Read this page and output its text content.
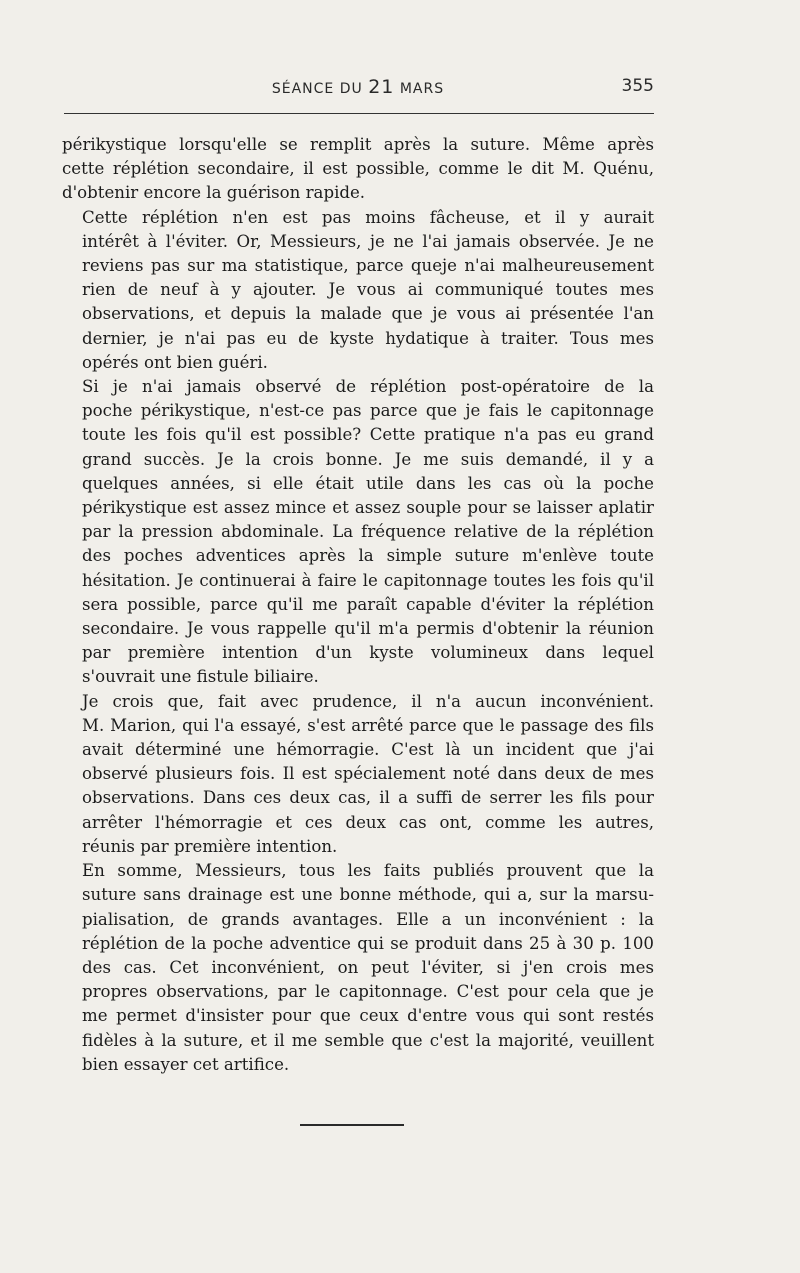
SÉANCE DU 21 MARS	355
périkystique lorsqu'elle se remplit après la suture. Même après
cette réplétion secondaire, il est possible, comme le dit M. Quénu,
d'obtenir encore la guérison rapide.
Cette réplétion n'en est pas moins fâcheuse, et il y aurait
intérêt à l'éviter. Or, Messieurs, je ne l'ai jamais observée. Je ne
reviens pas sur ma statistique, parce queje n'ai malheureusement
rien de neuf à y ajouter. Je vous ai communiqué toutes mes
observations, et depuis la malade que je vous ai présentée l'an
dernier, je n'ai pas eu de kyste hydatique à traiter. Tous mes
opérés ont bien guéri.
Si je n'ai jamais observé de réplétion post-opératoire de la
poche périkystique, n'est-ce pas parce que je fais le capitonnage
toute les fois qu'il est possible? Cette pratique n'a pas eu grand
grand succès. Je la crois bonne. Je me suis demandé, il y a
quelques années, si elle était utile dans les cas où la poche
périkystique est assez mince et assez souple pour se laisser aplatir
par la pression abdominale. La fréquence relative de la réplétion
des poches adventices après la simple suture m'enlève toute
hésitation. Je continuerai à faire le capitonnage toutes les fois qu'il
sera possible, parce qu'il me paraît capable d'éviter la réplétion
secondaire. Je vous rappelle qu'il m'a permis d'obtenir la réunion
par première intention d'un kyste volumineux dans lequel
s'ouvrait une fistule biliaire.
Je crois que, fait avec prudence, il n'a aucun inconvénient.
M. Marion, qui l'a essayé, s'est arrêté parce que le passage des fils
avait déterminé une hémorragie. C'est là un incident que j'ai
observé plusieurs fois. Il est spécialement noté dans deux de mes
observations. Dans ces deux cas, il a suffi de serrer les fils pour
arrêter l'hémorragie et ces deux cas ont, comme les autres,
réunis par première intention.
En somme, Messieurs, tous les faits publiés prouvent que la
suture sans drainage est une bonne méthode, qui a, sur la marsu-
pialisation, de grands avantages. Elle a un inconvénient : la
réplétion de la poche adventice qui se produit dans 25 à 30 p. 100
des cas. Cet inconvénient, on peut l'éviter, si j'en crois mes
propres observations, par le capitonnage. C'est pour cela que je
me permet d'insister pour que ceux d'entre vous qui sont restés
fidèles à la suture, et il me semble que c'est la majorité, veuillent
bien essayer cet artifice.
